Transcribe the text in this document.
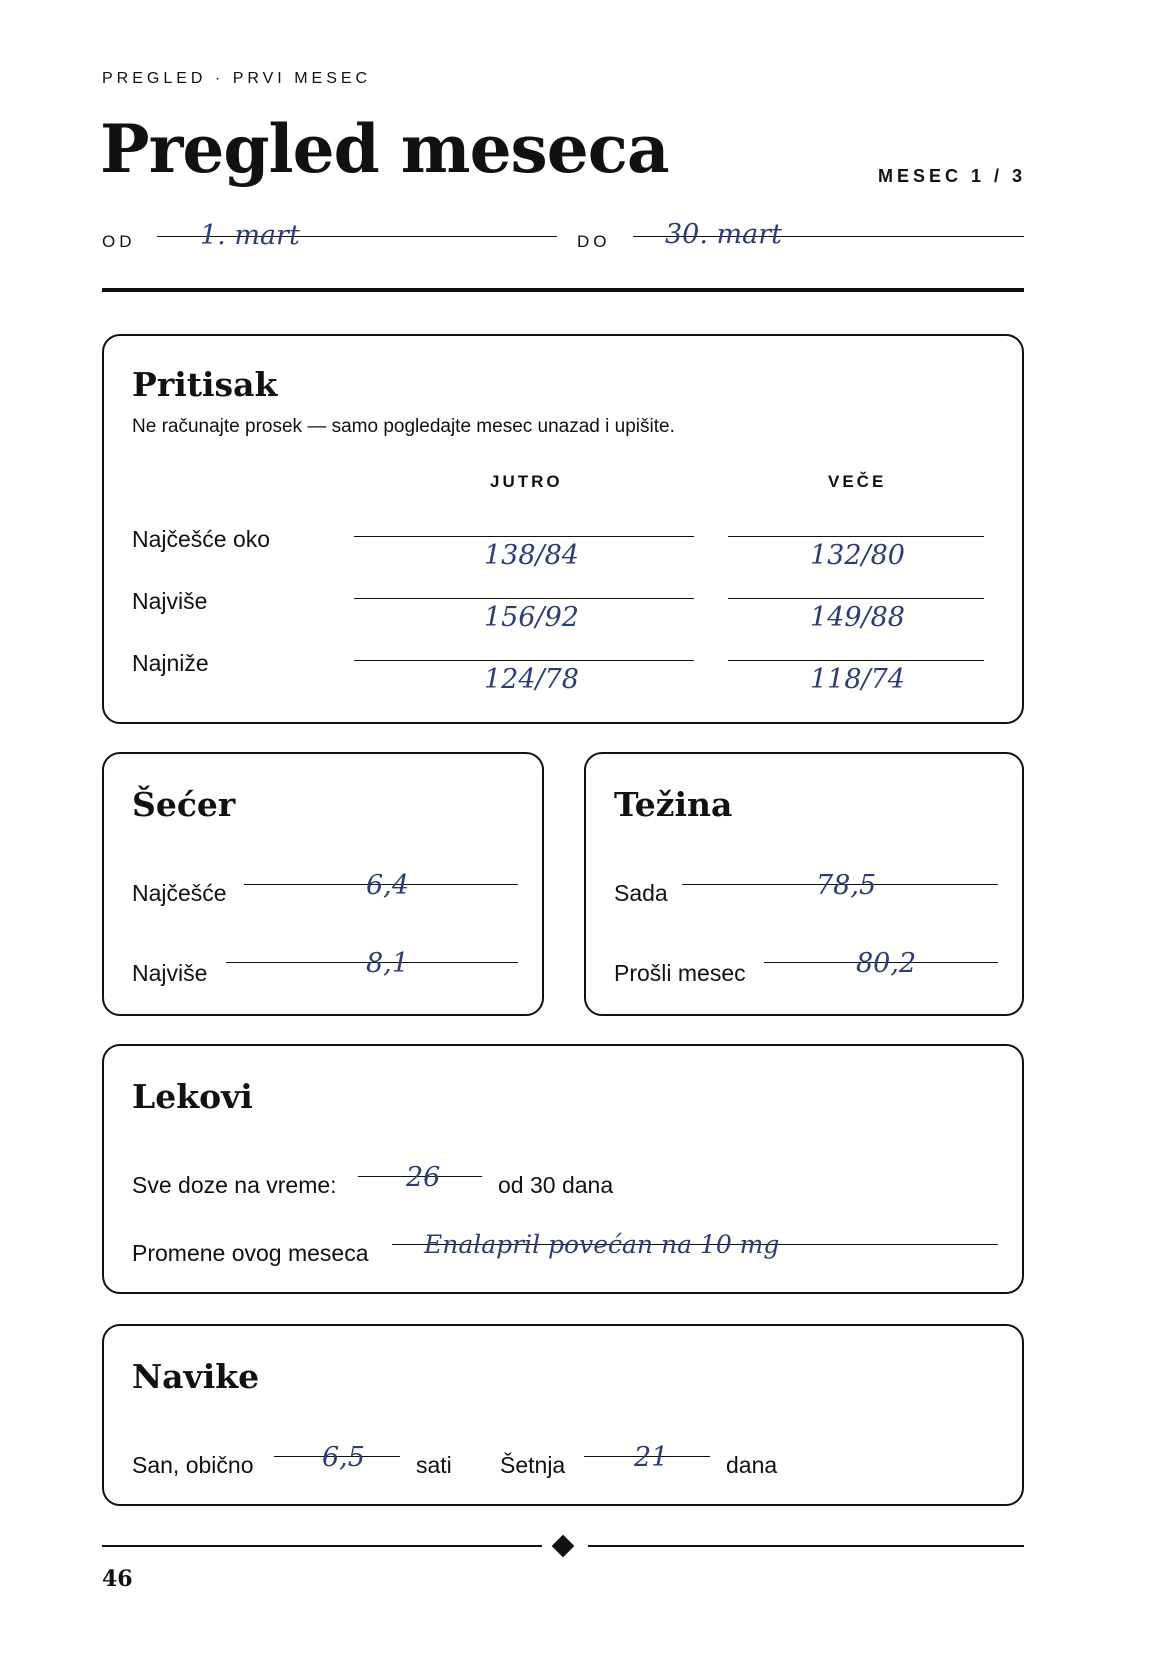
PREGLED · PRVI MESEC
Pregled meseca	MESEC 1 / 3
OD 1. mart	DO 30. mart
Pritisak
Ne računajte prosek — samo pogledajte mesec unazad i upišite.
JUTRO	VEČE
Najčešće oko
138/84	132/80
Najviše
156/92	149/88
Najniže
124/78	118/74
Šećer
Najčešće	6,4
Najviše	8,1
Težina
Sada	78,5
Prošli mesec	80,2
Lekovi
Sve doze na vreme:	26	od 30 dana
Promene ovog meseca Enalapril povećan na 10 mg
Navike
San, obično	6,5 sati Šetnja	21	dana
46
